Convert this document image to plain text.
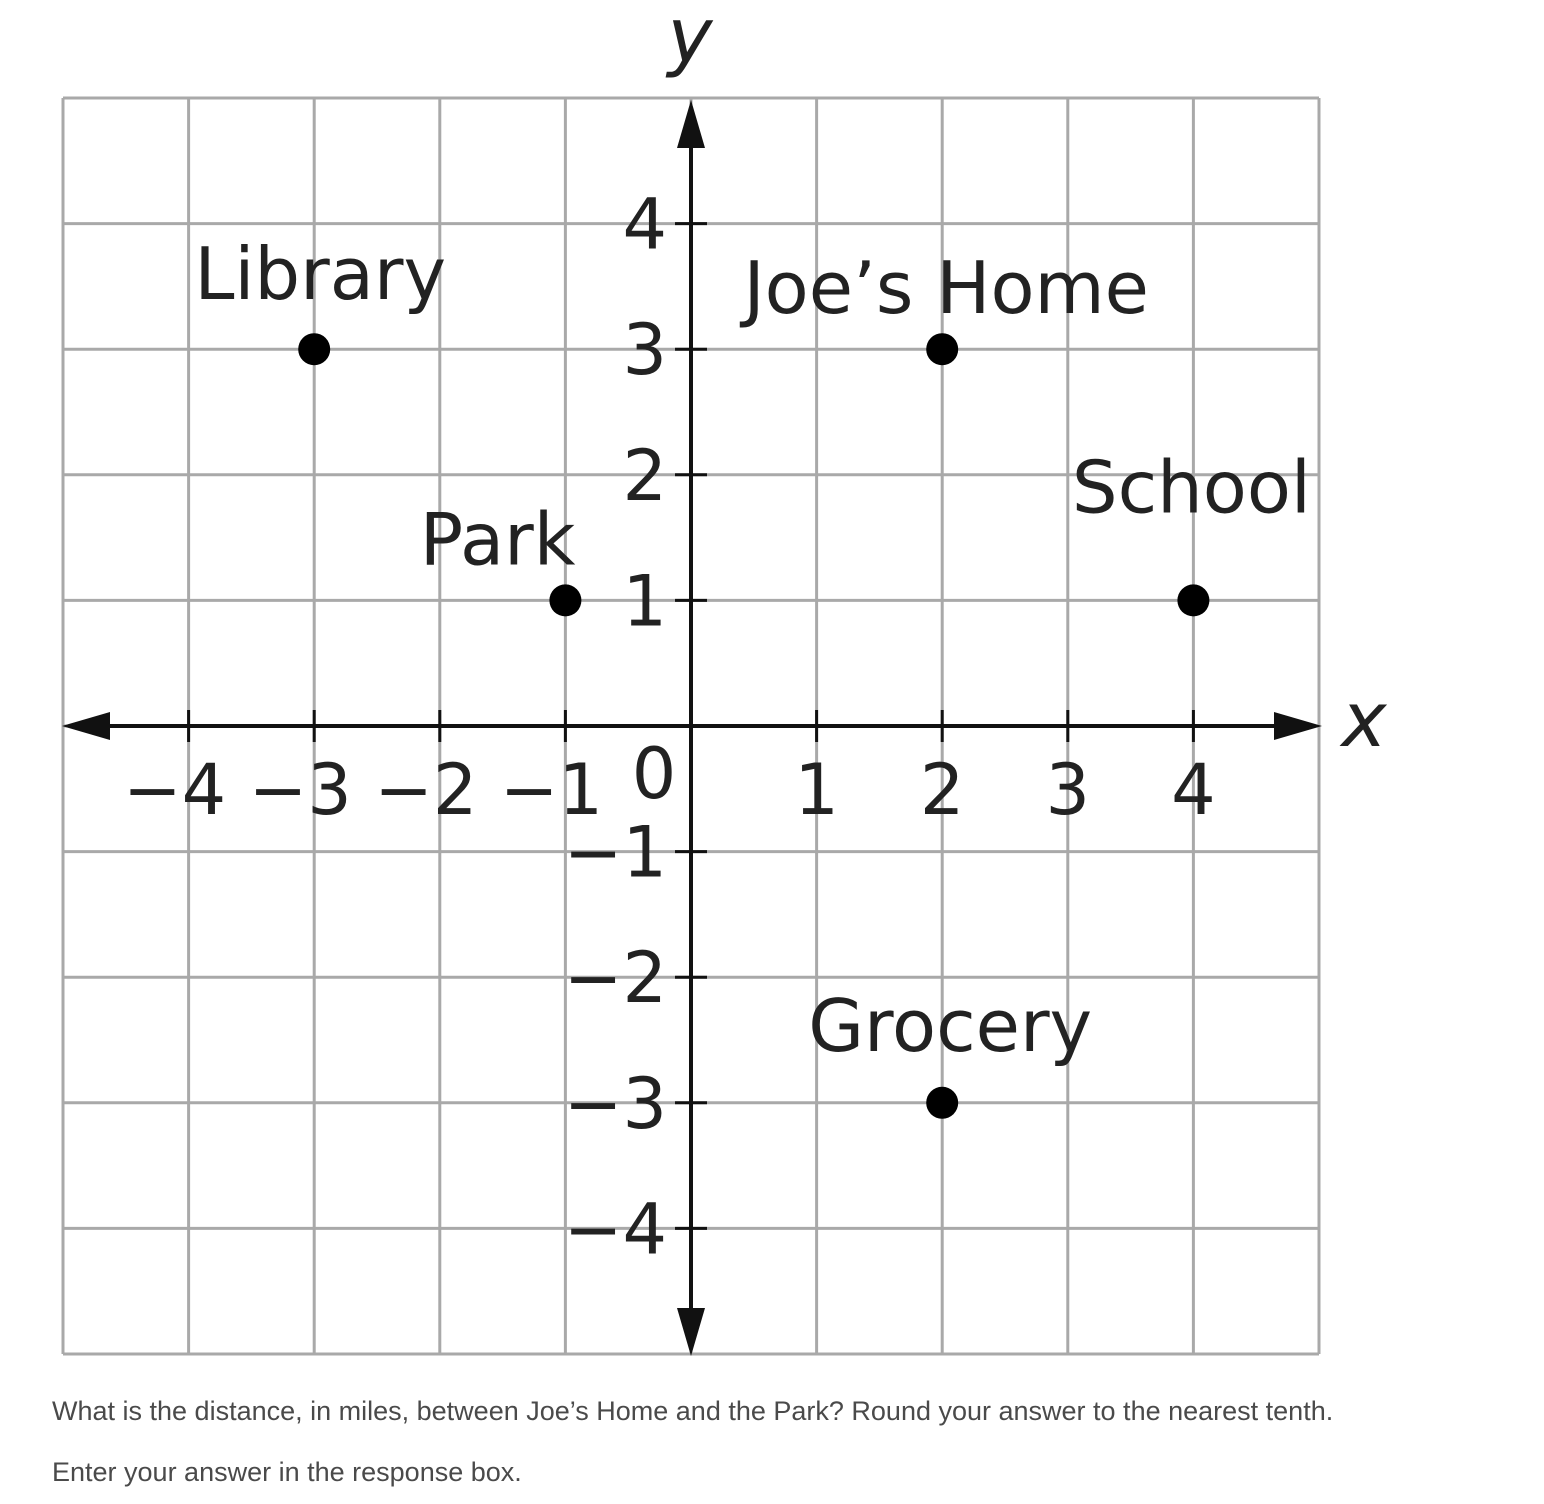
−4 −3 −2 −1	1 2 3 4
4
3
2
1
−1
−2
−3
−4
0
x
y
Library	Joe’s Home
Park
School
Grocery

What is the distance, in miles, between Joe’s Home and the Park? Round your answer to the nearest tenth.

Enter your answer in the response box.
